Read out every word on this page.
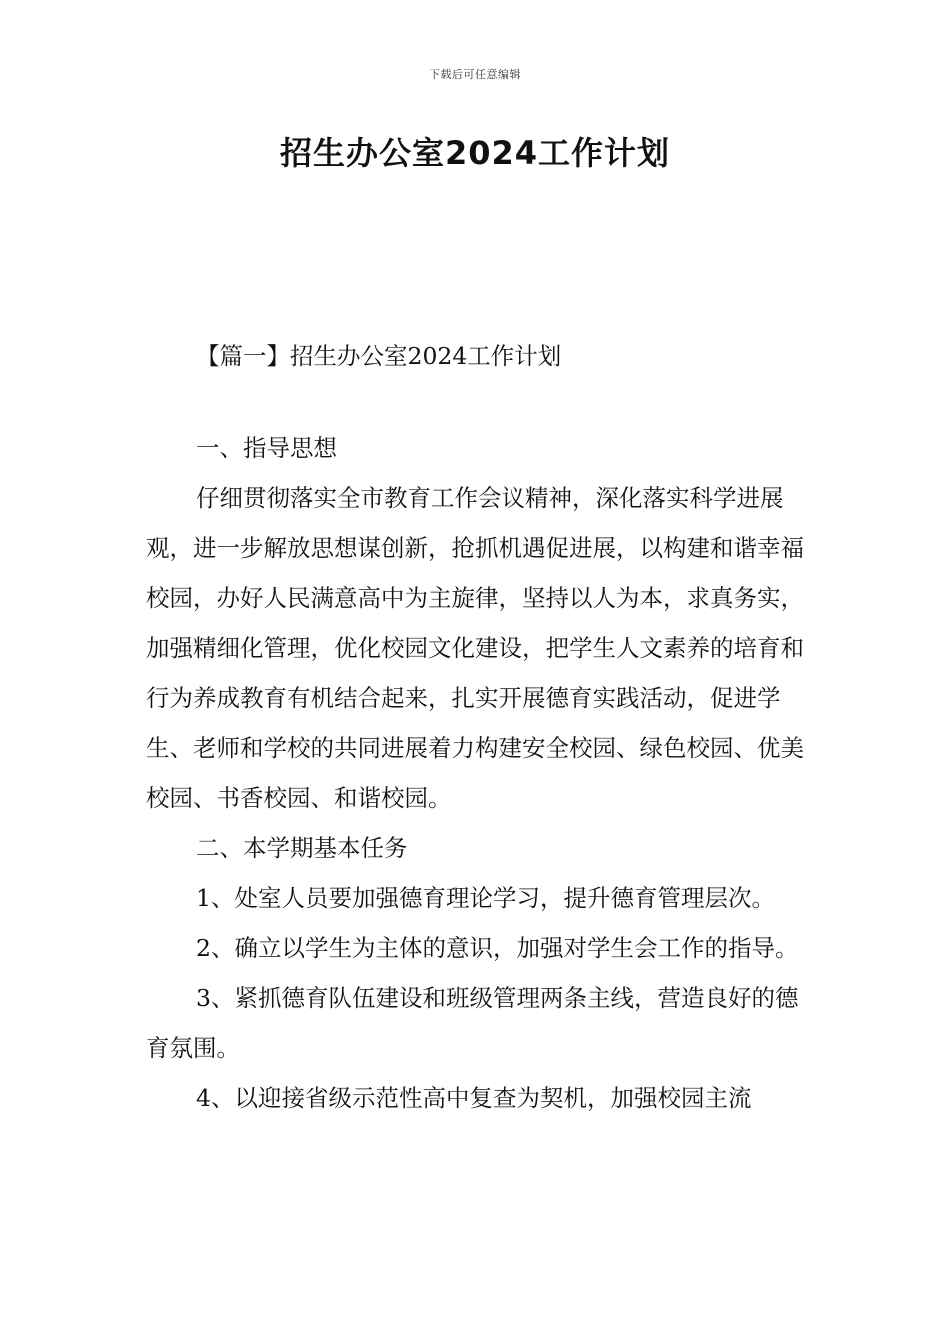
下载后可任意编辑
招生办公室2024工作计划

【篇一】招生办公室2024工作计划

一、指导思想

仔细贯彻落实全市教育工作会议精神，深化落实科学进展观，进一步解放思想谋创新，抢抓机遇促进展，以构建和谐幸福校园，办好人民满意高中为主旋律，坚持以人为本，求真务实，加强精细化管理，优化校园文化建设，把学生人文素养的培育和行为养成教育有机结合起来，扎实开展德育实践活动，促进学生、老师和学校的共同进展着力构建安全校园、绿色校园、优美校园、书香校园、和谐校园。

二、本学期基本任务

1、处室人员要加强德育理论学习，提升德育管理层次。

2、确立以学生为主体的意识，加强对学生会工作的指导。

3、紧抓德育队伍建设和班级管理两条主线，营造良好的德育氛围。

4、以迎接省级示范性高中复查为契机，加强校园主流
